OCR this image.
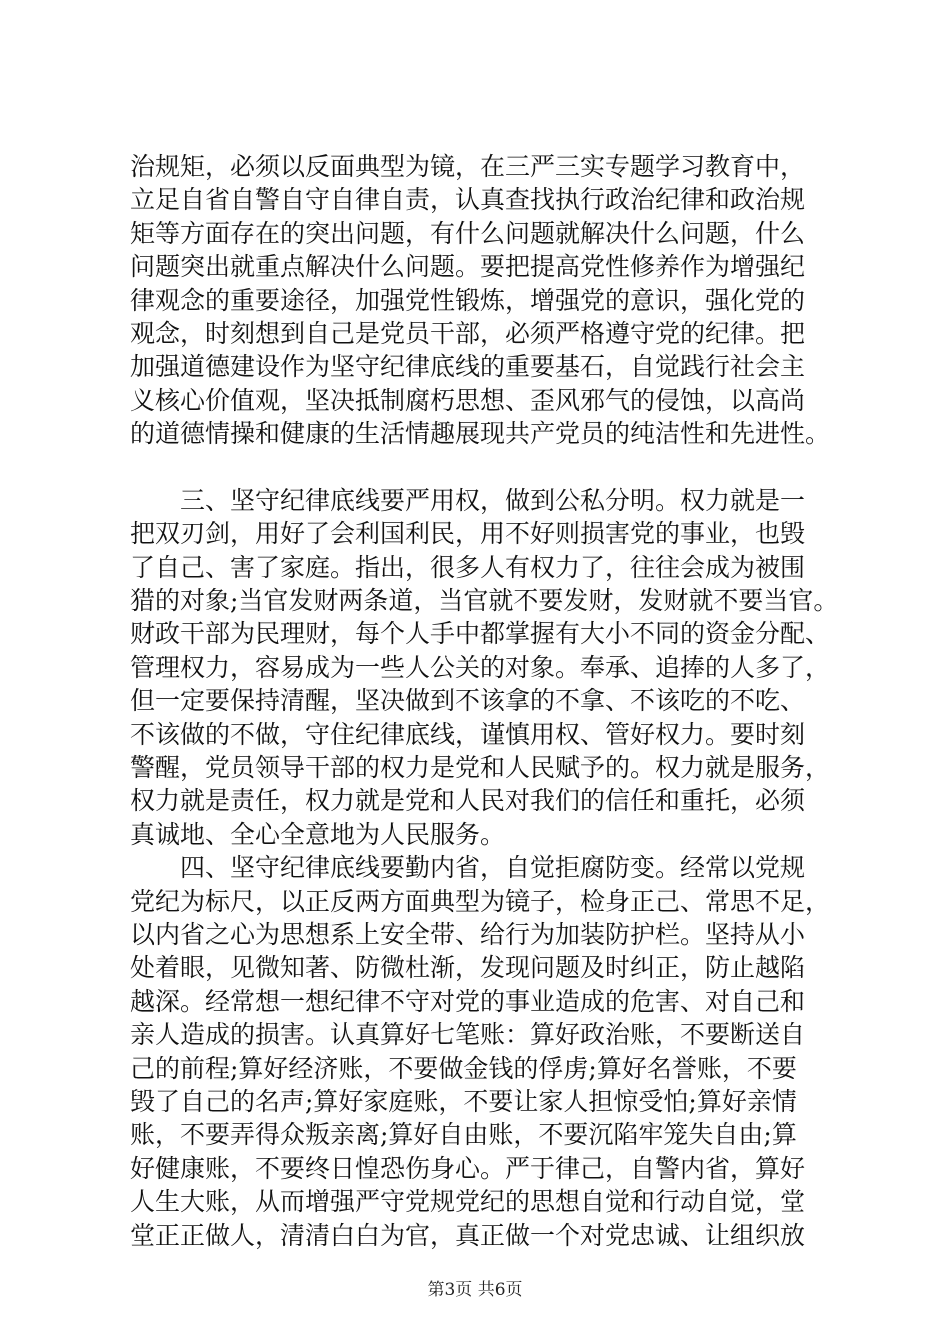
治规矩，必须以反面典型为镜，在三严三实专题学习教育中，
立足自省自警自守自律自责，认真查找执行政治纪律和政治规
矩等方面存在的突出问题，有什么问题就解决什么问题，什么
问题突出就重点解决什么问题。要把提高党性修养作为增强纪
律观念的重要途径，加强党性锻炼，增强党的意识，强化党的
观念，时刻想到自己是党员干部，必须严格遵守党的纪律。把
加强道德建设作为坚守纪律底线的重要基石，自觉践行社会主
义核心价值观，坚决抵制腐朽思想、歪风邪气的侵蚀，以高尚
的道德情操和健康的生活情趣展现共产党员的纯洁性和先进性。
　　三、坚守纪律底线要严用权，做到公私分明。权力就是一
把双刃剑，用好了会利国利民，用不好则损害党的事业，也毁
了自己、害了家庭。指出，很多人有权力了，往往会成为被围
猎的对象;当官发财两条道，当官就不要发财，发财就不要当官。
财政干部为民理财，每个人手中都掌握有大小不同的资金分配、
管理权力，容易成为一些人公关的对象。奉承、追捧的人多了，
但一定要保持清醒，坚决做到不该拿的不拿、不该吃的不吃、
不该做的不做，守住纪律底线，谨慎用权、管好权力。要时刻
警醒，党员领导干部的权力是党和人民赋予的。权力就是服务，
权力就是责任，权力就是党和人民对我们的信任和重托，必须
真诚地、全心全意地为人民服务。
　　四、坚守纪律底线要勤内省，自觉拒腐防变。经常以党规
党纪为标尺，以正反两方面典型为镜子，检身正己、常思不足，
以内省之心为思想系上安全带、给行为加装防护栏。坚持从小
处着眼，见微知著、防微杜渐，发现问题及时纠正，防止越陷
越深。经常想一想纪律不守对党的事业造成的危害、对自己和
亲人造成的损害。认真算好七笔账：算好政治账，不要断送自
己的前程;算好经济账，不要做金钱的俘虏;算好名誉账，不要
毁了自己的名声;算好家庭账，不要让家人担惊受怕;算好亲情
账，不要弄得众叛亲离;算好自由账，不要沉陷牢笼失自由;算
好健康账，不要终日惶恐伤身心。严于律己，自警内省，算好
人生大账，从而增强严守党规党纪的思想自觉和行动自觉，堂
堂正正做人，清清白白为官，真正做一个对党忠诚、让组织放
第3页 共6页
